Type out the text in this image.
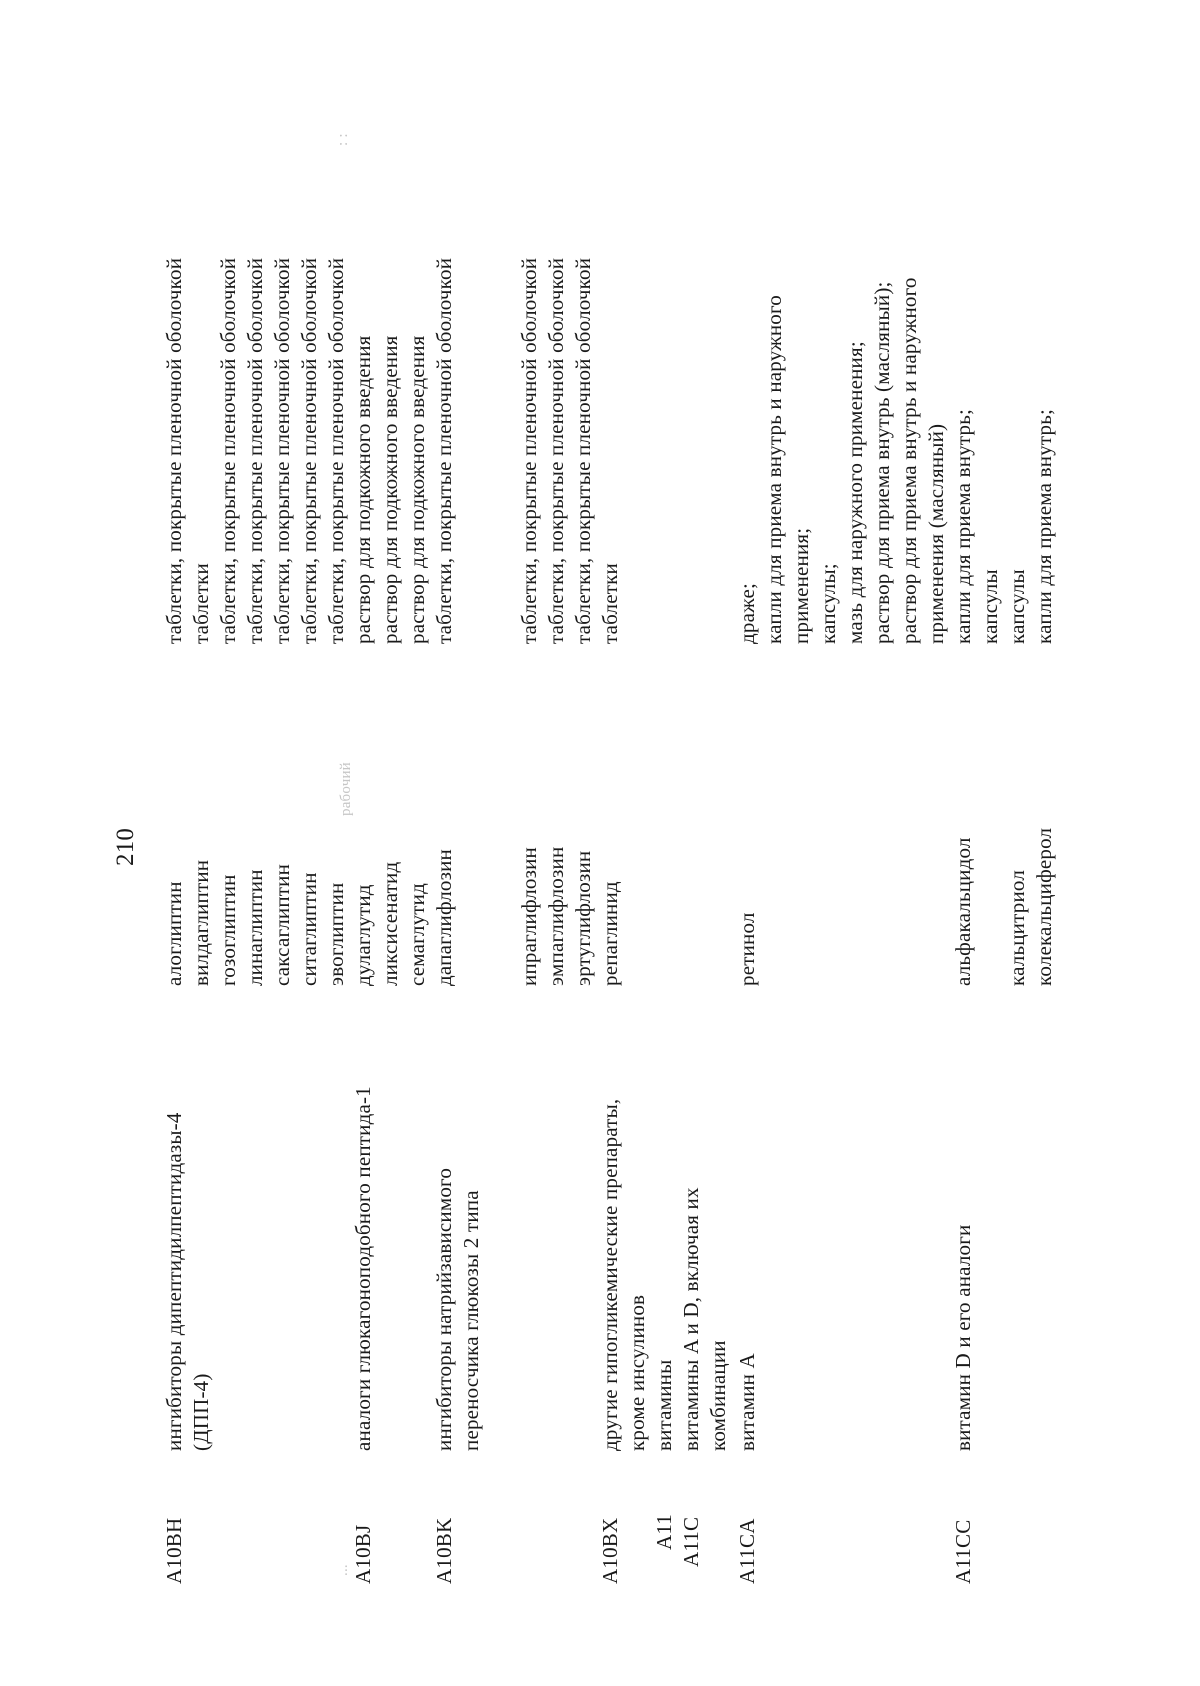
210
A10BH
ингибиторы дипептидилпептидазы-4 (ДПП-4)
алоглиптин вилдаглиптин гозоглиптин линаглиптин саксаглиптин ситаглиптин эвоглиптин
таблетки, покрытые пленочной оболочкой таблетки таблетки, покрытые пленочной оболочкой таблетки, покрытые пленочной оболочкой таблетки, покрытые пленочной оболочкой таблетки, покрытые пленочной оболочкой таблетки, покрытые пленочной оболочкой
A10BJ
аналоги глюкагоноподобного пептида-1
дулаглутид ликсисенатид семаглутид
раствор для подкожного введения раствор для подкожного введения раствор для подкожного введения
A10BK
ингибиторы натрийзависимого переносчика глюкозы 2 типа
дапаглифлозин	ипраглифлозин эмпаглифлозин эртуглифлозин
таблетки, покрытые пленочной оболочкой	таблетки, покрытые пленочной оболочкой таблетки, покрытые пленочной оболочкой таблетки, покрытые пленочной оболочкой
A10BX
другие гипогликемические препараты, кроме инсулинов
репаглинид
таблетки
A11
витамины
A11C
витамины A и D, включая их комбинации
A11CA
витамин A
ретинол
драже; капли для приема внутрь и наружного применения; капсулы; мазь для наружного применения; раствор для приема внутрь (масляный); раствор для приема внутрь и наружного применения (масляный)
A11CC
витамин D и его аналоги
альфакальцидол кальцитриол колекальциферол
капли для приема внутрь; капсулы капсулы капли для приема внутрь;
...
рабочий
: :
